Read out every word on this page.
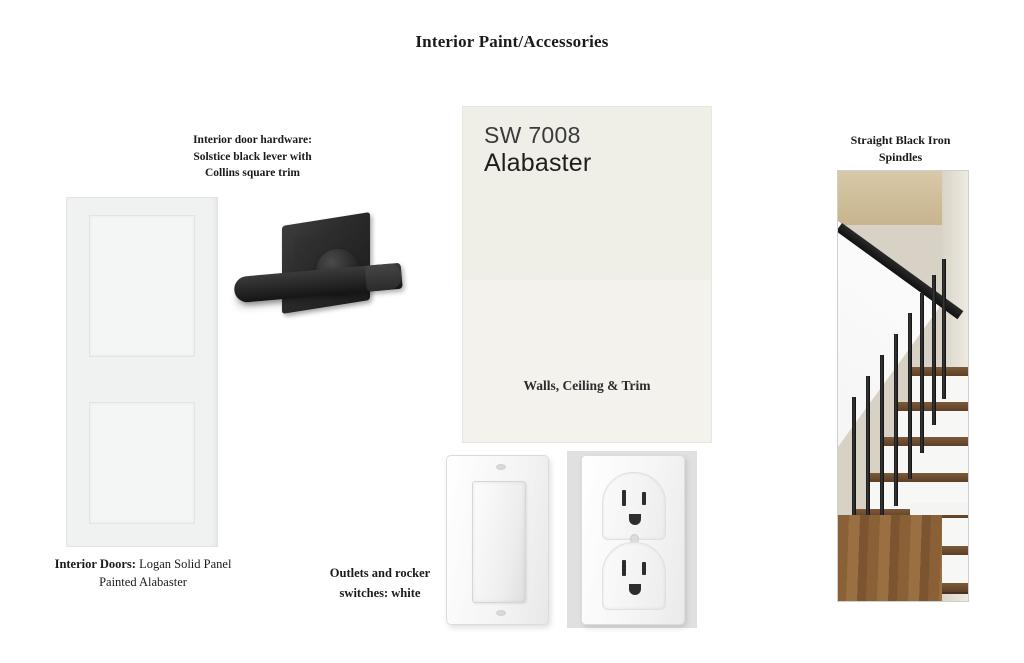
Interior Paint/Accessories
Interior Doors: Logan Solid Panel Painted Alabaster
Interior door hardware:
Solstice black lever with
Collins square trim
SW 7008
Alabaster
Walls, Ceiling & Trim
Outlets and rocker
switches: white
Straight Black Iron
Spindles
